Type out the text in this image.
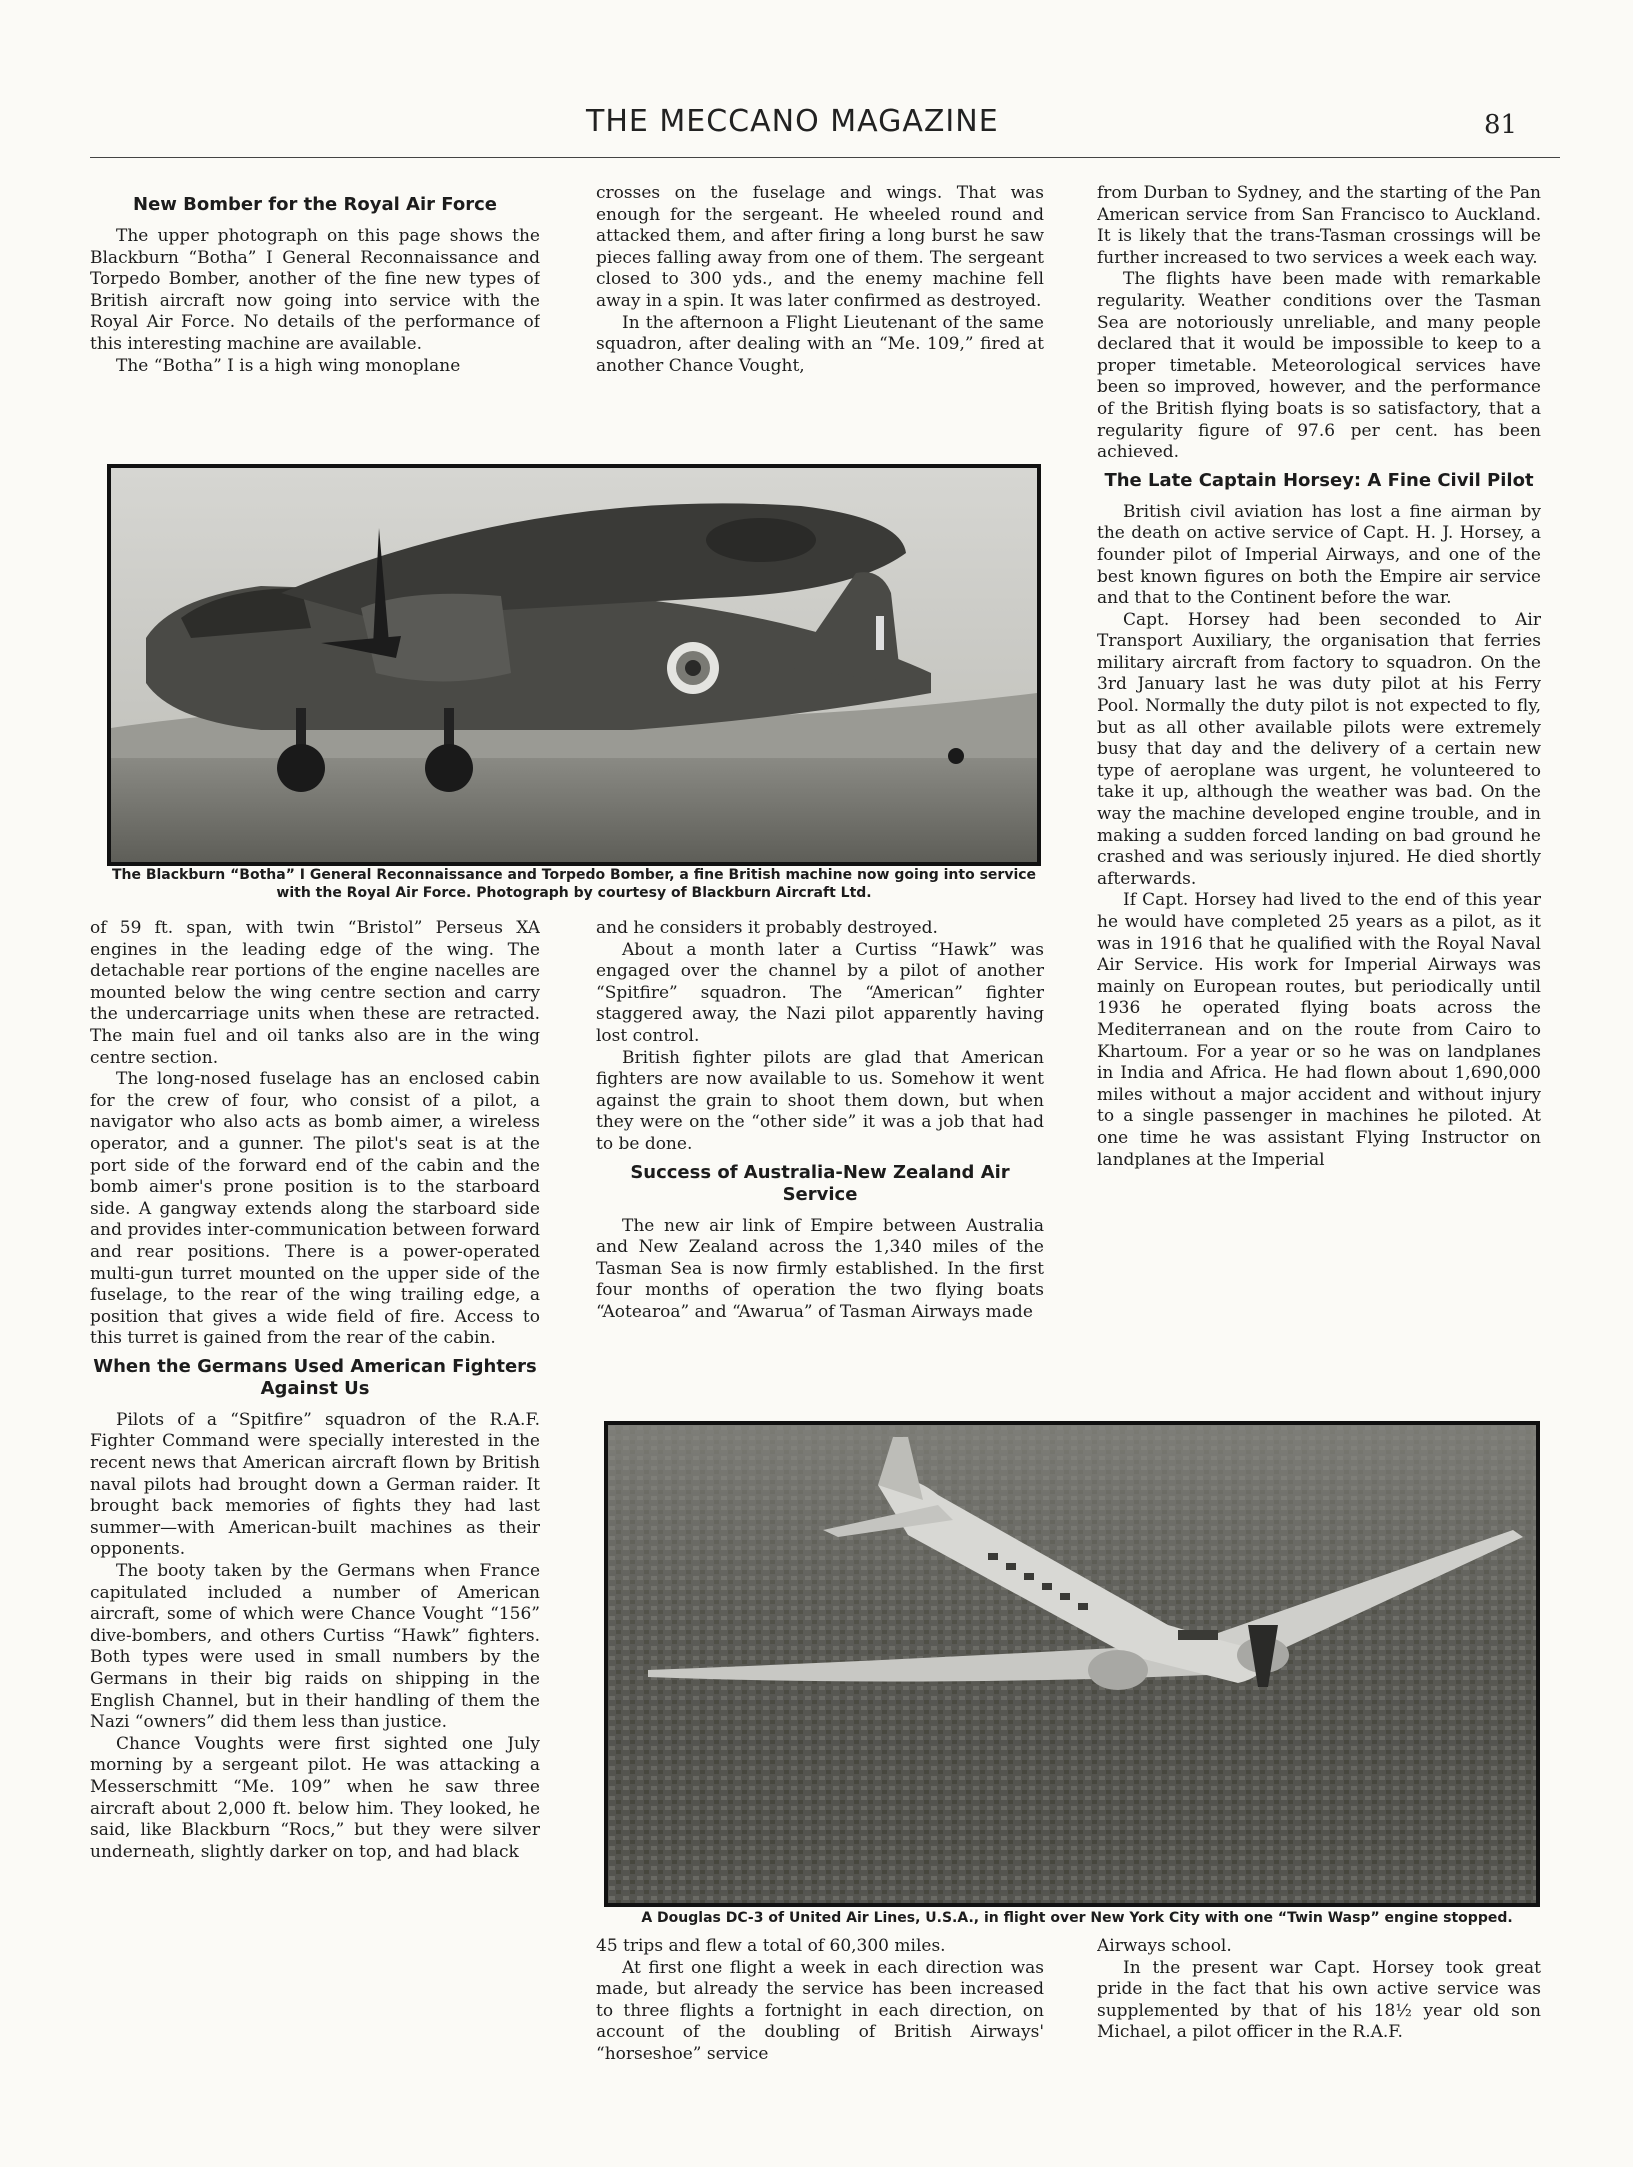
THE MECCANO MAGAZINE	81
New Bomber for the Royal Air Force

The upper photograph on this page shows the Blackburn “Botha” I General Reconnaissance and Torpedo Bomber, another of the fine new types of British aircraft now going into service with the Royal Air Force. No details of the performance of this interesting machine are available.

The “Botha” I is a high wing monoplane

crosses on the fuselage and wings. That was enough for the sergeant. He wheeled round and attacked them, and after firing a long burst he saw pieces falling away from one of them. The sergeant closed to 300 yds., and the enemy machine fell away in a spin. It was later confirmed as destroyed.

In the afternoon a Flight Lieutenant of the same squadron, after dealing with an “Me. 109,” fired at another Chance Vought,

from Durban to Sydney, and the starting of the Pan American service from San Francisco to Auckland. It is likely that the trans-Tasman crossings will be further increased to two services a week each way.

The flights have been made with remarkable regularity. Weather conditions over the Tasman Sea are notoriously unreliable, and many people declared that it would be impossible to keep to a proper timetable. Meteorological services have been so improved, however, and the performance of the British flying boats is so satisfactory, that a regularity figure of 97.6 per cent. has been achieved.

The Late Captain Horsey: A Fine Civil Pilot

British civil aviation has lost a fine airman by the death on active service of Capt. H. J. Horsey, a founder pilot of Imperial Airways, and one of the best known figures on both the Empire air service and that to the Continent before the war.

Capt. Horsey had been seconded to Air Transport Auxiliary, the organisation that ferries military aircraft from factory to squadron. On the 3rd January last he was duty pilot at his Ferry Pool. Normally the duty pilot is not expected to fly, but as all other available pilots were extremely busy that day and the delivery of a certain new type of aeroplane was urgent, he volunteered to take it up, although the weather was bad. On the way the machine developed engine trouble, and in making a sudden forced landing on bad ground he crashed and was seriously injured. He died shortly afterwards.

If Capt. Horsey had lived to the end of this year he would have completed 25 years as a pilot, as it was in 1916 that he qualified with the Royal Naval Air Service. His work for Imperial Airways was mainly on European routes, but periodically until 1936 he operated flying boats across the Mediterranean and on the route from Cairo to Khartoum. For a year or so he was on landplanes in India and Africa. He had flown about 1,690,000 miles without a major accident and without injury to a single passenger in machines he piloted. At one time he was assistant Flying Instructor on landplanes at the Imperial

The Blackburn “Botha” I General Reconnaissance and Torpedo Bomber, a fine British machine now going into service with the Royal Air Force. Photograph by courtesy of Blackburn Aircraft Ltd.

of 59 ft. span, with twin “Bristol” Perseus XA engines in the leading edge of the wing. The detachable rear portions of the engine nacelles are mounted below the wing centre section and carry the undercarriage units when these are retracted. The main fuel and oil tanks also are in the wing centre section.

The long-nosed fuselage has an enclosed cabin for the crew of four, who consist of a pilot, a navigator who also acts as bomb aimer, a wireless operator, and a gunner. The pilot's seat is at the port side of the forward end of the cabin and the bomb aimer's prone position is to the starboard side. A gangway extends along the starboard side and provides inter-communication between forward and rear positions. There is a power-operated multi-gun turret mounted on the upper side of the fuselage, to the rear of the wing trailing edge, a position that gives a wide field of fire. Access to this turret is gained from the rear of the cabin.

When the Germans Used American Fighters Against Us

Pilots of a “Spitfire” squadron of the R.A.F. Fighter Command were specially interested in the recent news that American aircraft flown by British naval pilots had brought down a German raider. It brought back memories of fights they had last summer—with American-built machines as their opponents.

The booty taken by the Germans when France capitulated included a number of American aircraft, some of which were Chance Vought “156” dive-bombers, and others Curtiss “Hawk” fighters. Both types were used in small numbers by the Germans in their big raids on shipping in the English Channel, but in their handling of them the Nazi “owners” did them less than justice.

Chance Voughts were first sighted one July morning by a sergeant pilot. He was attacking a Messerschmitt “Me. 109” when he saw three aircraft about 2,000 ft. below him. They looked, he said, like Blackburn “Rocs,” but they were silver underneath, slightly darker on top, and had black

and he considers it probably destroyed.

About a month later a Curtiss “Hawk” was engaged over the channel by a pilot of another “Spitfire” squadron. The “American” fighter staggered away, the Nazi pilot apparently having lost control.

British fighter pilots are glad that American fighters are now available to us. Somehow it went against the grain to shoot them down, but when they were on the “other side” it was a job that had to be done.

Success of Australia-New Zealand Air Service

The new air link of Empire between Australia and New Zealand across the 1,340 miles of the Tasman Sea is now firmly established. In the first four months of operation the two flying boats “Aotearoa” and “Awarua” of Tasman Airways made

A Douglas DC-3 of United Air Lines, U.S.A., in flight over New York City with one “Twin Wasp” engine stopped.

45 trips and flew a total of 60,300 miles.

At first one flight a week in each direction was made, but already the service has been increased to three flights a fortnight in each direction, on account of the doubling of British Airways' “horseshoe” service

Airways school.

In the present war Capt. Horsey took great pride in the fact that his own active service was supplemented by that of his 18½ year old son Michael, a pilot officer in the R.A.F.
